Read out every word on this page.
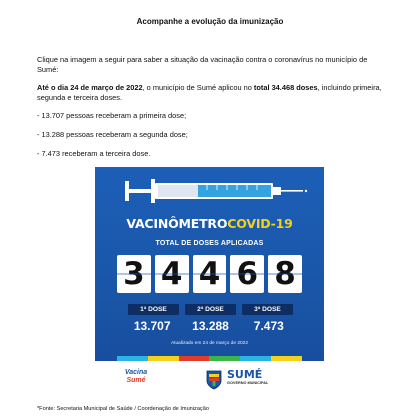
Acompanhe a evolução da imunização
Clique na imagem a seguir para saber a situação da vacinação contra o coronavírus no município de Sumé:
Até o dia 24 de março de 2022, o município de Sumé aplicou no total 34.468 doses, incluindo primeira, segunda e terceira doses.
- 13.707 pessoas receberam a primeira dose;
- 13.288 pessoas receberam a segunda dose;
- 7.473 receberam a terceira dose.
VACINÔMETROCOVID-19
TOTAL DE DOSES APLICADAS
3 4 4 6 8
1ª DOSE	2ª DOSE	3ª DOSE
13.707	13.288	7.473
Atualizado em 24 de março de 2022
Vacina
Sumé	SUMÉ
GOVERNO MUNICIPAL
*Fonte: Secretaria Municipal de Saúde / Coordenação de Imunização
